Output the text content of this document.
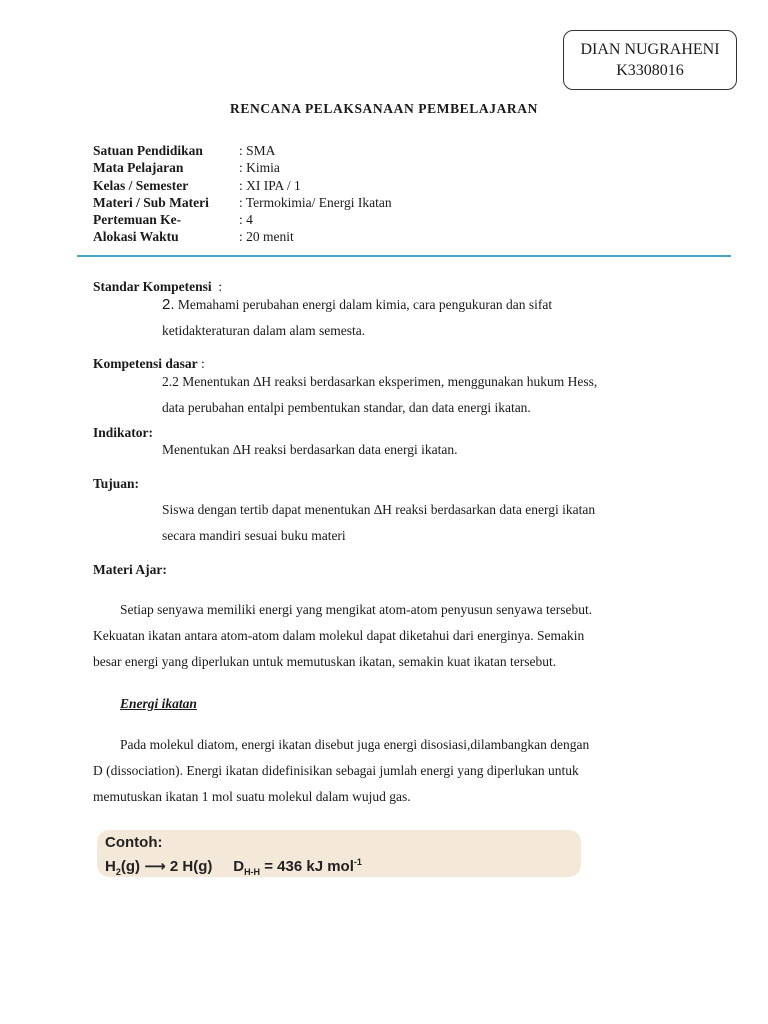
DIAN NUGRAHENI
K3308016
RENCANA PELAKSANAAN PEMBELAJARAN
Satuan Pendidikan	: SMA
Mata Pelajaran	: Kimia
Kelas / Semester	: XI IPA / 1
Materi / Sub Materi : Termokimia/ Energi Ikatan
Pertemuan Ke-	: 4
Alokasi Waktu	: 20 menit
Standar Kompetensi :
2. Memahami perubahan energi dalam kimia, cara pengukuran dan sifat
ketidakteraturan dalam alam semesta.
Kompetensi dasar :
2.2 Menentukan ∆H reaksi berdasarkan eksperimen, menggunakan hukum Hess,
data perubahan entalpi pembentukan standar, dan data energi ikatan.
Indikator:
Menentukan ∆H reaksi berdasarkan data energi ikatan.
Tujuan:
Siswa dengan tertib dapat menentukan ∆H reaksi berdasarkan data energi ikatan
secara mandiri sesuai buku materi
Materi Ajar:
Setiap senyawa memiliki energi yang mengikat atom-atom penyusun senyawa tersebut.
Kekuatan ikatan antara atom-atom dalam molekul dapat diketahui dari energinya. Semakin
besar energi yang diperlukan untuk memutuskan ikatan, semakin kuat ikatan tersebut.
Energi ikatan
Pada molekul diatom, energi ikatan disebut juga energi disosiasi,dilambangkan dengan
D (dissociation). Energi ikatan didefinisikan sebagai jumlah energi yang diperlukan untuk
memutuskan ikatan 1 mol suatu molekul dalam wujud gas.
Contoh:
$H_2(g)$ ⟶ 2 H(g) $D_{H-H} = 436$ kJ mol$^{-1}$
